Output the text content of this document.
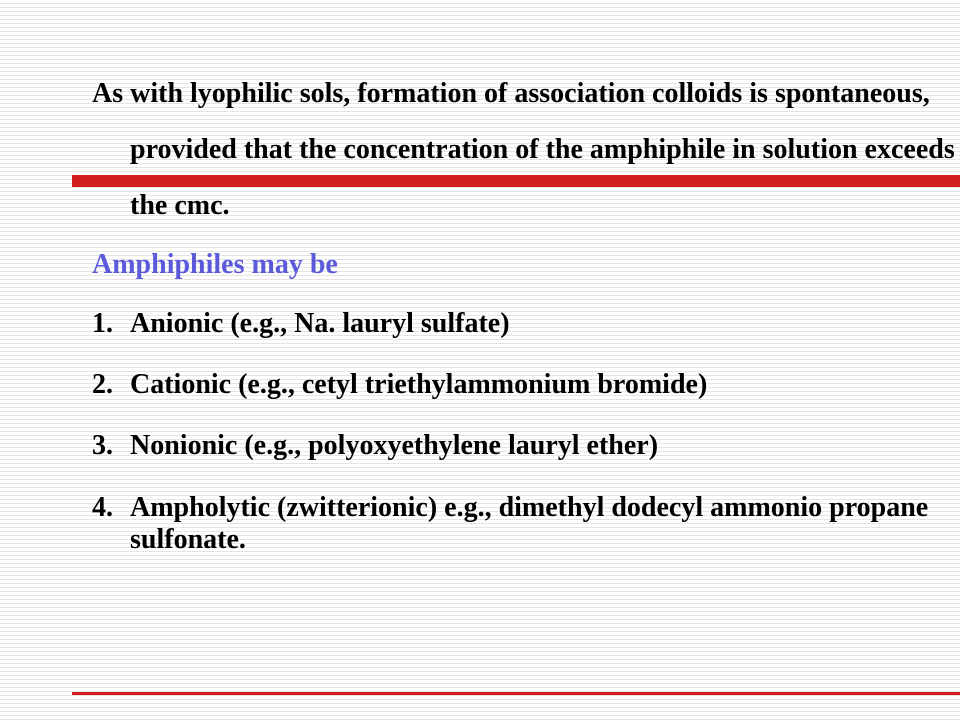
As with lyophilic sols, formation of association colloids is spontaneous, provided that the concentration of the amphiphile in solution exceeds the cmc.

Amphiphiles may be

1. Anionic (e.g., Na. lauryl sulfate)
2. Cationic (e.g., cetyl triethylammonium bromide)
3. Nonionic (e.g., polyoxyethylene lauryl ether)
4. Ampholytic (zwitterionic) e.g., dimethyl dodecyl ammonio propane sulfonate.
